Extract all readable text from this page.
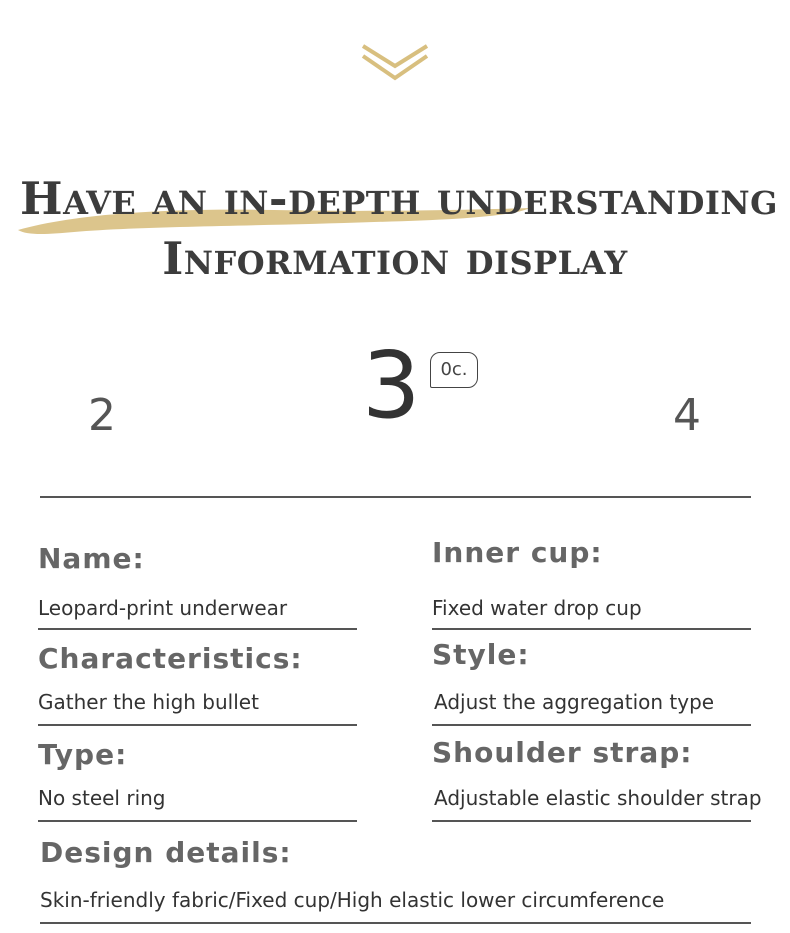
Have an in-depth understanding
Information display
2	3	0c.
4
Name:
Leopard-print underwear
Inner cup:
Fixed water drop cup
Characteristics:
Gather the high bullet
Style:
Adjust the aggregation type
Type:
No steel ring
Shoulder strap:
Adjustable elastic shoulder strap
Design details:
Skin-friendly fabric/Fixed cup/High elastic lower circumference
